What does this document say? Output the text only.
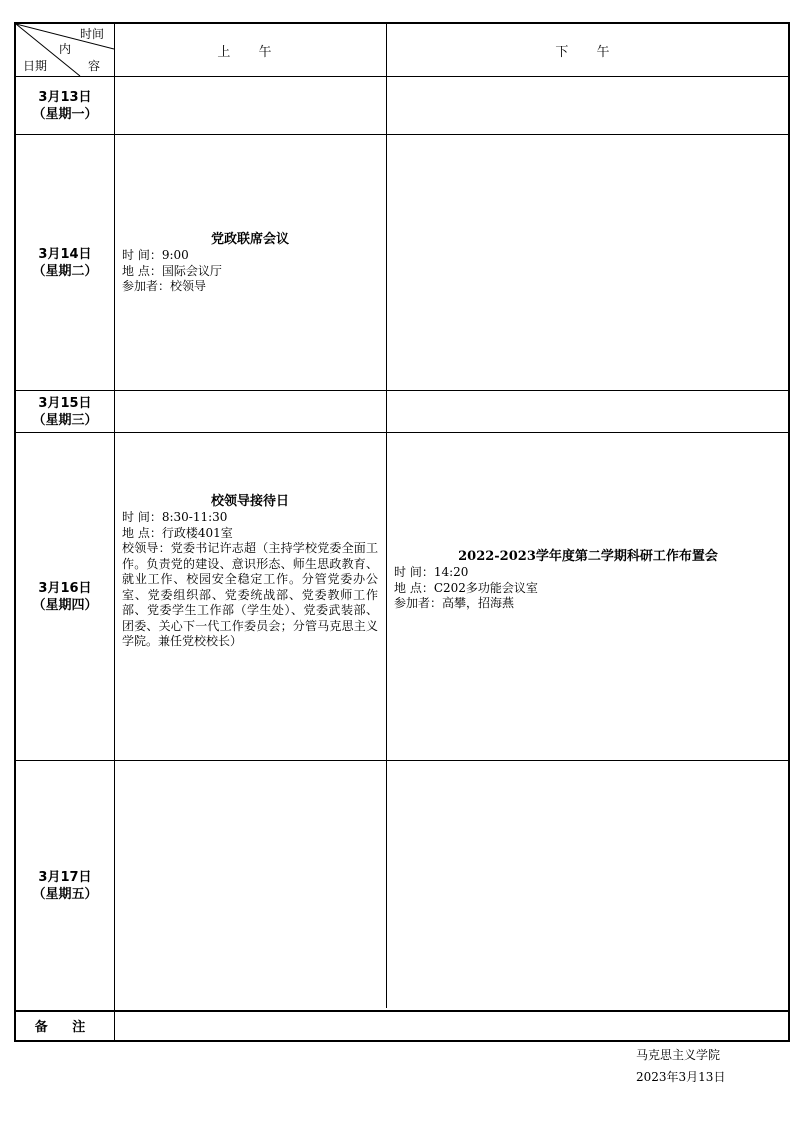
时间
内
容
日期
上 午	下 午
3月13日
（星期一）
3月14日
（星期二）
党政联席会议
时 间：9:00
地 点：国际会议厅
参加者：校领导
3月15日
（星期三）
3月16日
（星期四）
校领导接待日
时 间：8:30-11:30
地 点：行政楼401室
校领导：党委书记许志超（主持学校党委全面工作。负责党的建设、意识形态、师生思政教育、就业工作、校园安全稳定工作。分管党委办公室、党委组织部、党委统战部、党委教师工作部、党委学生工作部（学生处）、党委武装部、团委、关心下一代工作委员会；分管马克思主义学院。兼任党校校长）
2022-2023学年度第二学期科研工作布置会
时 间：14:20
地 点：C202多功能会议室
参加者：高攀，招海燕
3月17日
（星期五）
备 注
马克思主义学院
2023年3月13日
